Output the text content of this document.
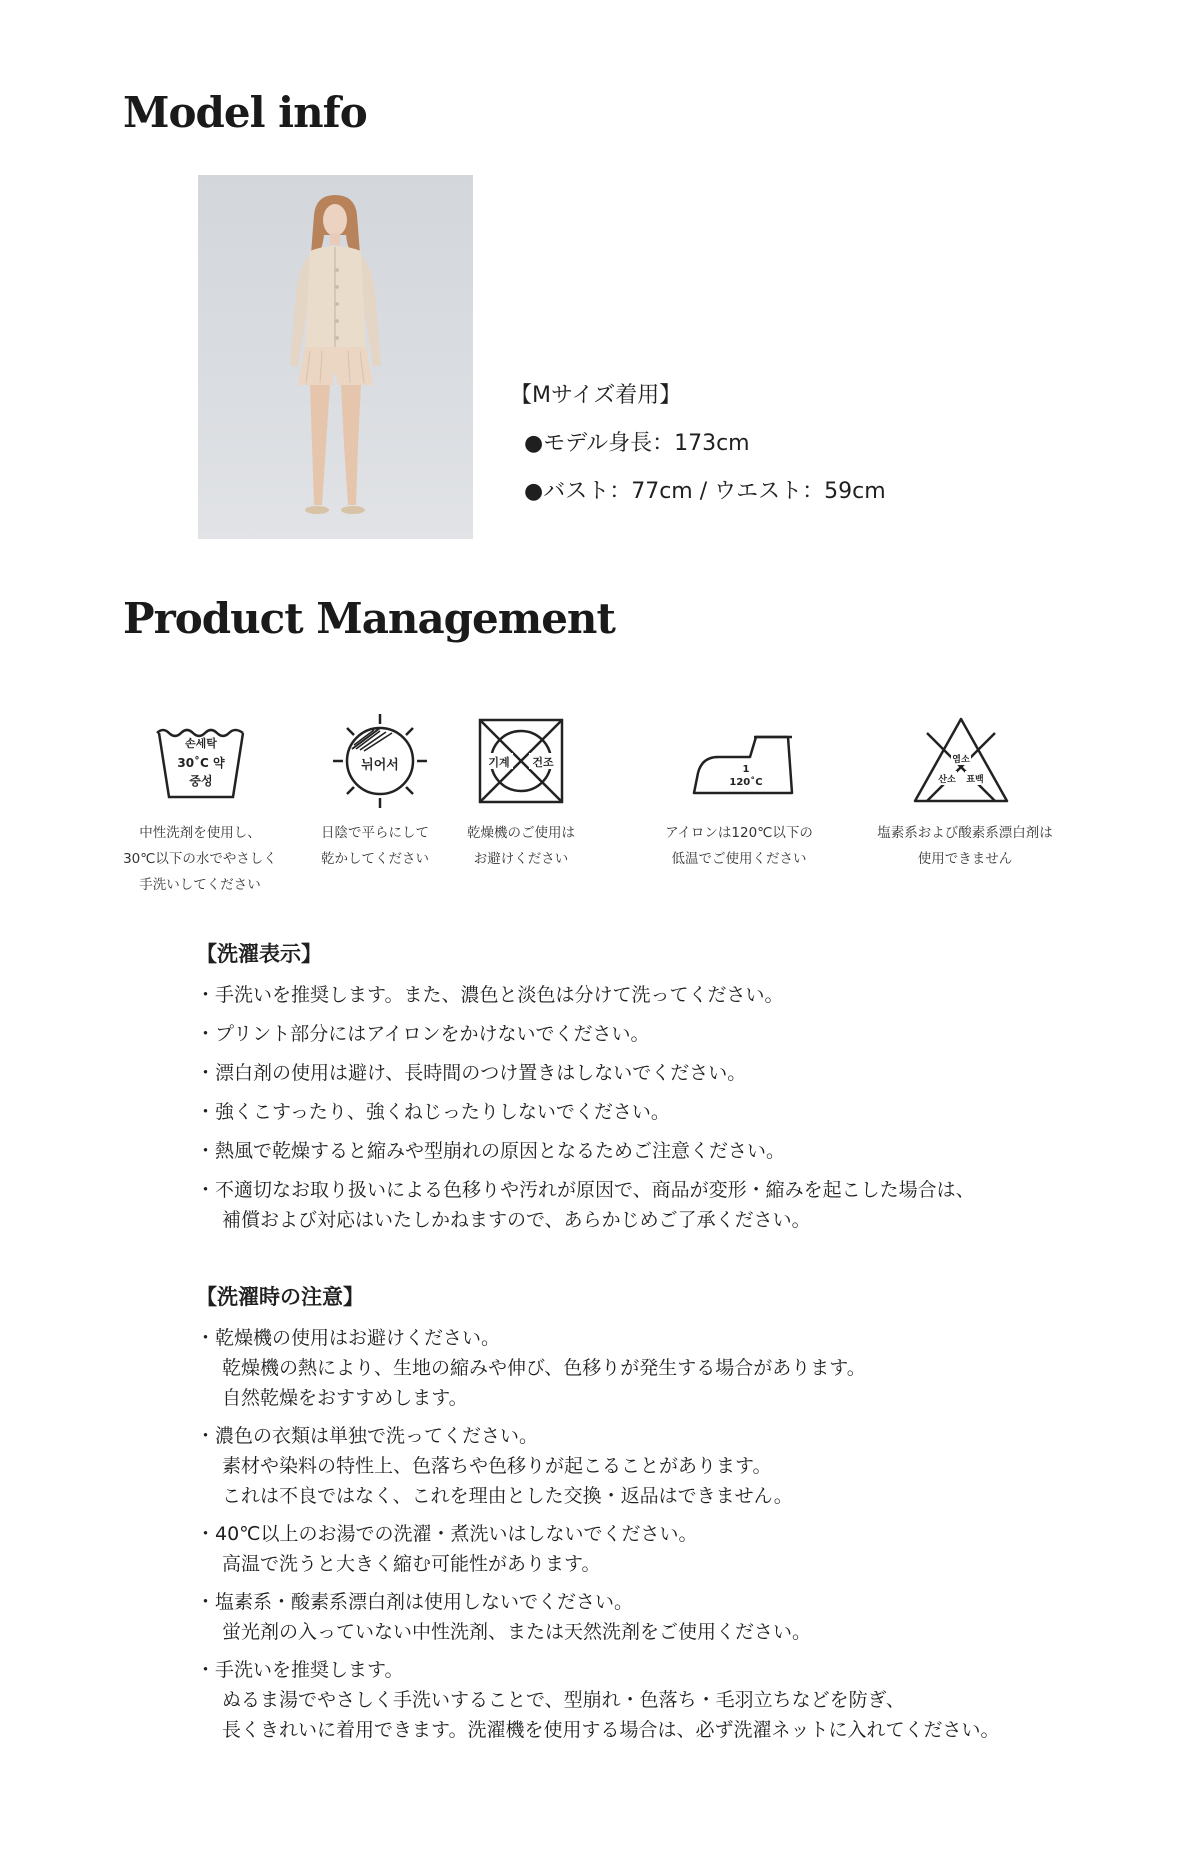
Model info
【Mサイズ着用】
●モデル身長：173cm
●バスト：77cm / ウエスト：59cm
Product Management
손세탁
30˚C 약
중성
뉘어서	기계 건조
1
120˚C
염소
산소 표백
中性洗剤を使用し、
30℃以下の水でやさしく
手洗いしてください
日陰で平らにして
乾かしてください
乾燥機のご使用は
お避けください
アイロンは120℃以下の
低温でご使用ください
塩素系および酸素系漂白剤は
使用できません
【洗濯表示】
・手洗いを推奨します。また、濃色と淡色は分けて洗ってください。
・プリント部分にはアイロンをかけないでください。
・漂白剤の使用は避け、長時間のつけ置きはしないでください。
・強くこすったり、強くねじったりしないでください。
・熱風で乾燥すると縮みや型崩れの原因となるためご注意ください。
・不適切なお取り扱いによる色移りや汚れが原因で、商品が変形・縮みを起こした場合は、
補償および対応はいたしかねますので、あらかじめご了承ください。
【洗濯時の注意】
・乾燥機の使用はお避けください。
乾燥機の熱により、生地の縮みや伸び、色移りが発生する場合があります。
自然乾燥をおすすめします。
・濃色の衣類は単独で洗ってください。
素材や染料の特性上、色落ちや色移りが起こることがあります。
これは不良ではなく、これを理由とした交換・返品はできません。
・40℃以上のお湯での洗濯・煮洗いはしないでください。
高温で洗うと大きく縮む可能性があります。
・塩素系・酸素系漂白剤は使用しないでください。
蛍光剤の入っていない中性洗剤、または天然洗剤をご使用ください。
・手洗いを推奨します。
ぬるま湯でやさしく手洗いすることで、型崩れ・色落ち・毛羽立ちなどを防ぎ、
長くきれいに着用できます。洗濯機を使用する場合は、必ず洗濯ネットに入れてください。
